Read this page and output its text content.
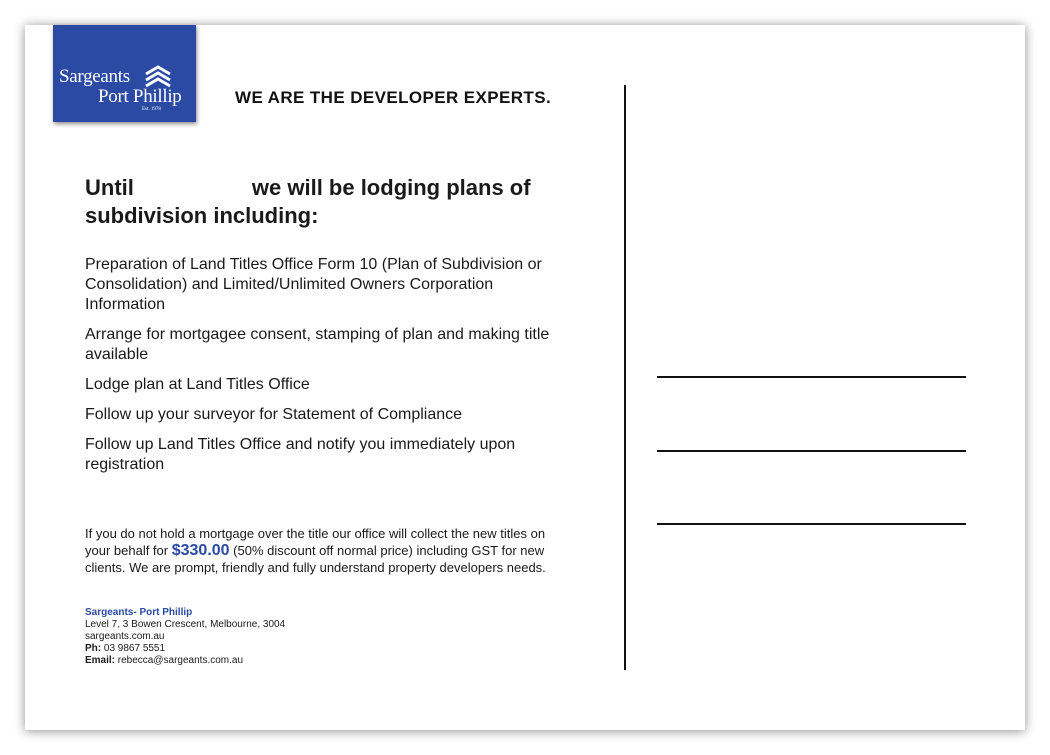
Sargeants
Port Phillip
Est. 1978
WE ARE THE DEVELOPER EXPERTS.
Until	we will be lodging plans of subdivision including:
Preparation of Land Titles Office Form 10 (Plan of Subdivision or Consolidation) and Limited/Unlimited Owners Corporation Information
Arrange for mortgagee consent, stamping of plan and making title available
Lodge plan at Land Titles Office
Follow up your surveyor for Statement of Compliance
Follow up Land Titles Office and notify you immediately upon registration
If you do not hold a mortgage over the title our office will collect the new titles on your behalf for $330.00 (50% discount off normal price) including GST for new clients. We are prompt, friendly and fully understand property developers needs.
Sargeants- Port Phillip
Level 7, 3 Bowen Crescent, Melbourne, 3004
sargeants.com.au
Ph: 03 9867 5551
Email: rebecca@sargeants.com.au
